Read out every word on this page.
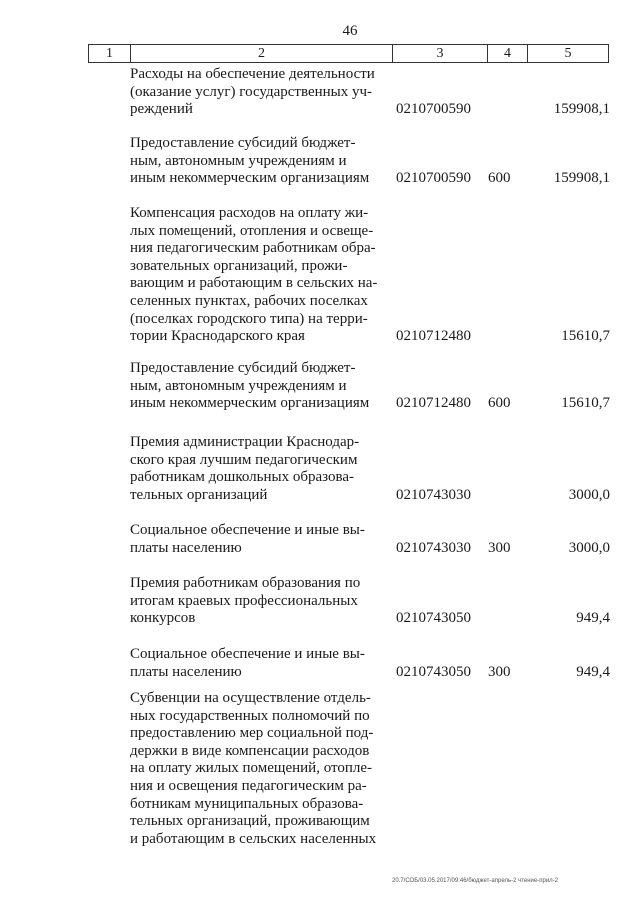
46
1	2	3	4	5
Расходы на обеспечение деятельности
(оказание услуг) государственных уч-
реждений	0210700590	159908,1
Предоставление субсидий бюджет-
ным, автономным учреждениям и
иным некоммерческим организациям	0210700590 600	159908,1
Компенсация расходов на оплату жи-
лых помещений, отопления и освеще-
ния педагогическим работникам обра-
зовательных организаций, прожи-
вающим и работающим в сельских на-
селенных пунктах, рабочих поселках
(поселках городского типа) на терри-
тории Краснодарского края	0210712480	15610,7
Предоставление субсидий бюджет-
ным, автономным учреждениям и
иным некоммерческим организациям	0210712480 600	15610,7
Премия администрации Краснодар-
ского края лучшим педагогическим
работникам дошкольных образова-
тельных организаций	0210743030	3000,0
Социальное обеспечение и иные вы-
платы населению	0210743030 300	3000,0
Премия работникам образования по
итогам краевых профессиональных
конкурсов	0210743050	949,4
Социальное обеспечение и иные вы-
платы населению	0210743050 300	949,4
Субвенции на осуществление отдель-
ных государственных полномочий по
предоставлению мер социальной под-
держки в виде компенсации расходов
на оплату жилых помещений, отопле-
ния и освещения педагогическим ра-
ботникам муниципальных образова-
тельных организаций, проживающим
и работающим в сельских населенных
20.7/СОБ/03.05.2017/09:46/бюджет-апрель-2 чтение-прил-2
